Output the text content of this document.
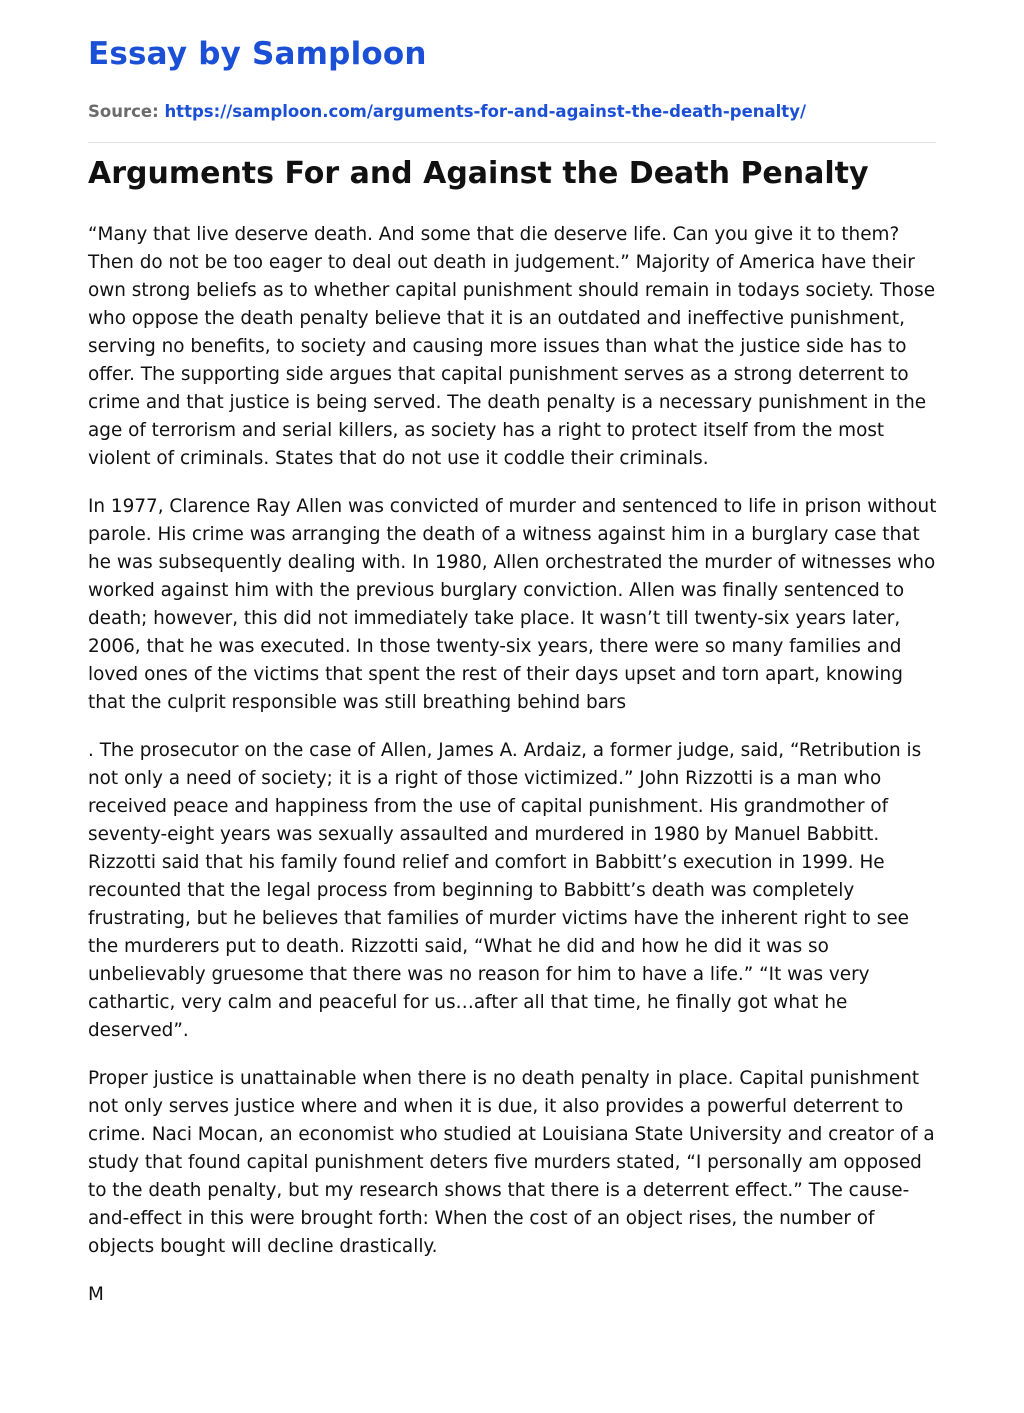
Essay by Samploon
Source: https://samploon.com/arguments-for-and-against-the-death-penalty/
Arguments For and Against the Death Penalty

“Many that live deserve death. And some that die deserve life. Can you give it to them? Then do not be too eager to deal out death in judgement.” Majority of America have their own strong beliefs as to whether capital punishment should remain in todays society. Those who oppose the death penalty believe that it is an outdated and ineffective punishment, serving no benefits, to society and causing more issues than what the justice side has to offer. The supporting side argues that capital punishment serves as a strong deterrent to crime and that justice is being served. The death penalty is a necessary punishment in the age of terrorism and serial killers, as society has a right to protect itself from the most violent of criminals. States that do not use it coddle their criminals.

In 1977, Clarence Ray Allen was convicted of murder and sentenced to life in prison without parole. His crime was arranging the death of a witness against him in a burglary case that he was subsequently dealing with. In 1980, Allen orchestrated the murder of witnesses who worked against him with the previous burglary conviction. Allen was finally sentenced to death; however, this did not immediately take place. It wasn’t till twenty-six years later, 2006, that he was executed. In those twenty-six years, there were so many families and loved ones of the victims that spent the rest of their days upset and torn apart, knowing that the culprit responsible was still breathing behind bars

. The prosecutor on the case of Allen, James A. Ardaiz, a former judge, said, “Retribution is not only a need of society; it is a right of those victimized.” John Rizzotti is a man who received peace and happiness from the use of capital punishment. His grandmother of seventy-eight years was sexually assaulted and murdered in 1980 by Manuel Babbitt. Rizzotti said that his family found relief and comfort in Babbitt’s execution in 1999. He recounted that the legal process from beginning to Babbitt’s death was completely frustrating, but he believes that families of murder victims have the inherent right to see the murderers put to death. Rizzotti said, “What he did and how he did it was so unbelievably gruesome that there was no reason for him to have a life.” “It was very cathartic, very calm and peaceful for us…after all that time, he finally got what he deserved”.

Proper justice is unattainable when there is no death penalty in place. Capital punishment not only serves justice where and when it is due, it also provides a powerful deterrent to crime. Naci Mocan, an economist who studied at Louisiana State University and creator of a study that found capital punishment deters five murders stated, “I personally am opposed to the death penalty, but my research shows that there is a deterrent effect.” The cause-and-effect in this were brought forth: When the cost of an object rises, the number of objects bought will decline drastically.

M
